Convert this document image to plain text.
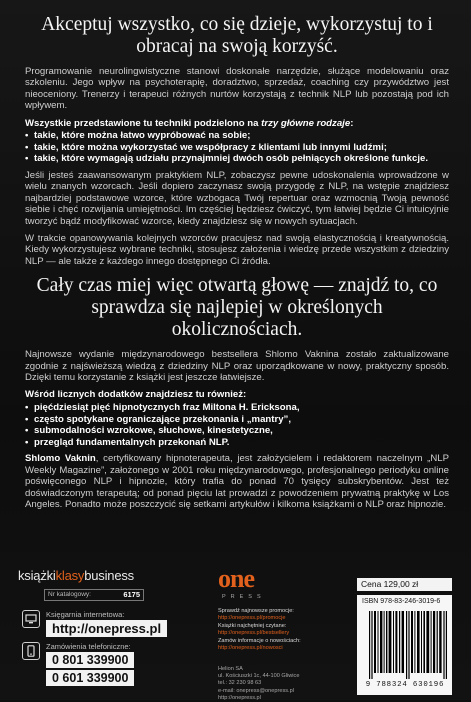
Akceptuj wszystko, co się dzieje, wykorzystuj to i obracaj na swoją korzyść.

Programowanie neurolingwistyczne stanowi doskonałe narzędzie, służące modelowaniu oraz szkoleniu. Jego wpływ na psychoterapię, doradztwo, sprzedaż, coaching czy przywództwo jest nieoceniony. Trenerzy i terapeuci różnych nurtów korzystają z technik NLP lub pozostają pod ich wpływem.

Wszystkie przedstawione tu techniki podzielono na trzy główne rodzaje:
• takie, które można łatwo wypróbować na sobie;
• takie, które można wykorzystać we współpracy z klientami lub innymi ludźmi;
• takie, które wymagają udziału przynajmniej dwóch osób pełniących określone funkcje.

Jeśli jesteś zaawansowanym praktykiem NLP, zobaczysz pewne udoskonalenia wprowadzone w wielu znanych wzorcach. Jeśli dopiero zaczynasz swoją przygodę z NLP, na wstępie znajdziesz najbardziej podstawowe wzorce, które wzbogacą Twój repertuar oraz wzmocnią Twoją pewność siebie i chęć rozwijania umiejętności. Im częściej będziesz ćwiczyć, tym łatwiej będzie Ci intuicyjnie tworzyć bądź modyfikować wzorce, kiedy znajdziesz się w nowych sytuacjach.

W trakcie opanowywania kolejnych wzorców pracujesz nad swoją elastycznością i kreatywnością. Kiedy wykorzystujesz wybrane techniki, stosujesz założenia i wiedzę przede wszystkim z dziedziny NLP — ale także z każdego innego dostępnego Ci źródła.

Cały czas miej więc otwartą głowę — znajdź to, co sprawdza się najlepiej w określonych okolicznościach.

Najnowsze wydanie międzynarodowego bestsellera Shlomo Vaknina zostało zaktualizowane zgodnie z najświeższą wiedzą z dziedziny NLP oraz uporządkowane w nowy, praktyczny sposób. Dzięki temu korzystanie z książki jest jeszcze łatwiejsze.

Wśród licznych dodatków znajdziesz tu również:
• pięćdziesiąt pięć hipnotycznych fraz Miltona H. Ericksona,
• często spotykane ograniczające przekonania i „mantry”,
• submodalności wzrokowe, słuchowe, kinestetyczne,
• przegląd fundamentalnych przekonań NLP.

Shlomo Vaknin, certyfikowany hipnoterapeuta, jest założycielem i redaktorem naczelnym „NLP Weekly Magazine”, założonego w 2001 roku międzynarodowego, profesjonalnego periodyku online poświęconego NLP i hipnozie, który trafia do ponad 70 tysięcy subskrybentów. Jest też doświadczonym terapeutą; od ponad pięciu lat prowadzi z powodzeniem prywatną praktykę w Los Angeles. Ponadto może poszczycić się setkami artykułów i kilkoma książkami o NLP oraz hipnozie.

książkiklasybusiness
Nr katalogowy:	6175
Księgarnia internetowa:
http://onepress.pl
Zamówienia telefoniczne:
0 801 339900
0 601 339900
one
PRESS
Sprawdź najnowsze promocje:
http://onepress.pl/promocje
Książki najchętniej czytane:
http://onepress.pl/bestsellery
Zamów informacje o nowościach:
http://onepress.pl/nowosci
Helion SA
ul. Kościuszki 1c, 44-100 Gliwice
tel.: 32 230 98 63
e-mail: onepress@onepress.pl
http://onepress.pl
Cena 129,00 zł
ISBN 978-83-246-3019-6
9 788324 630196
